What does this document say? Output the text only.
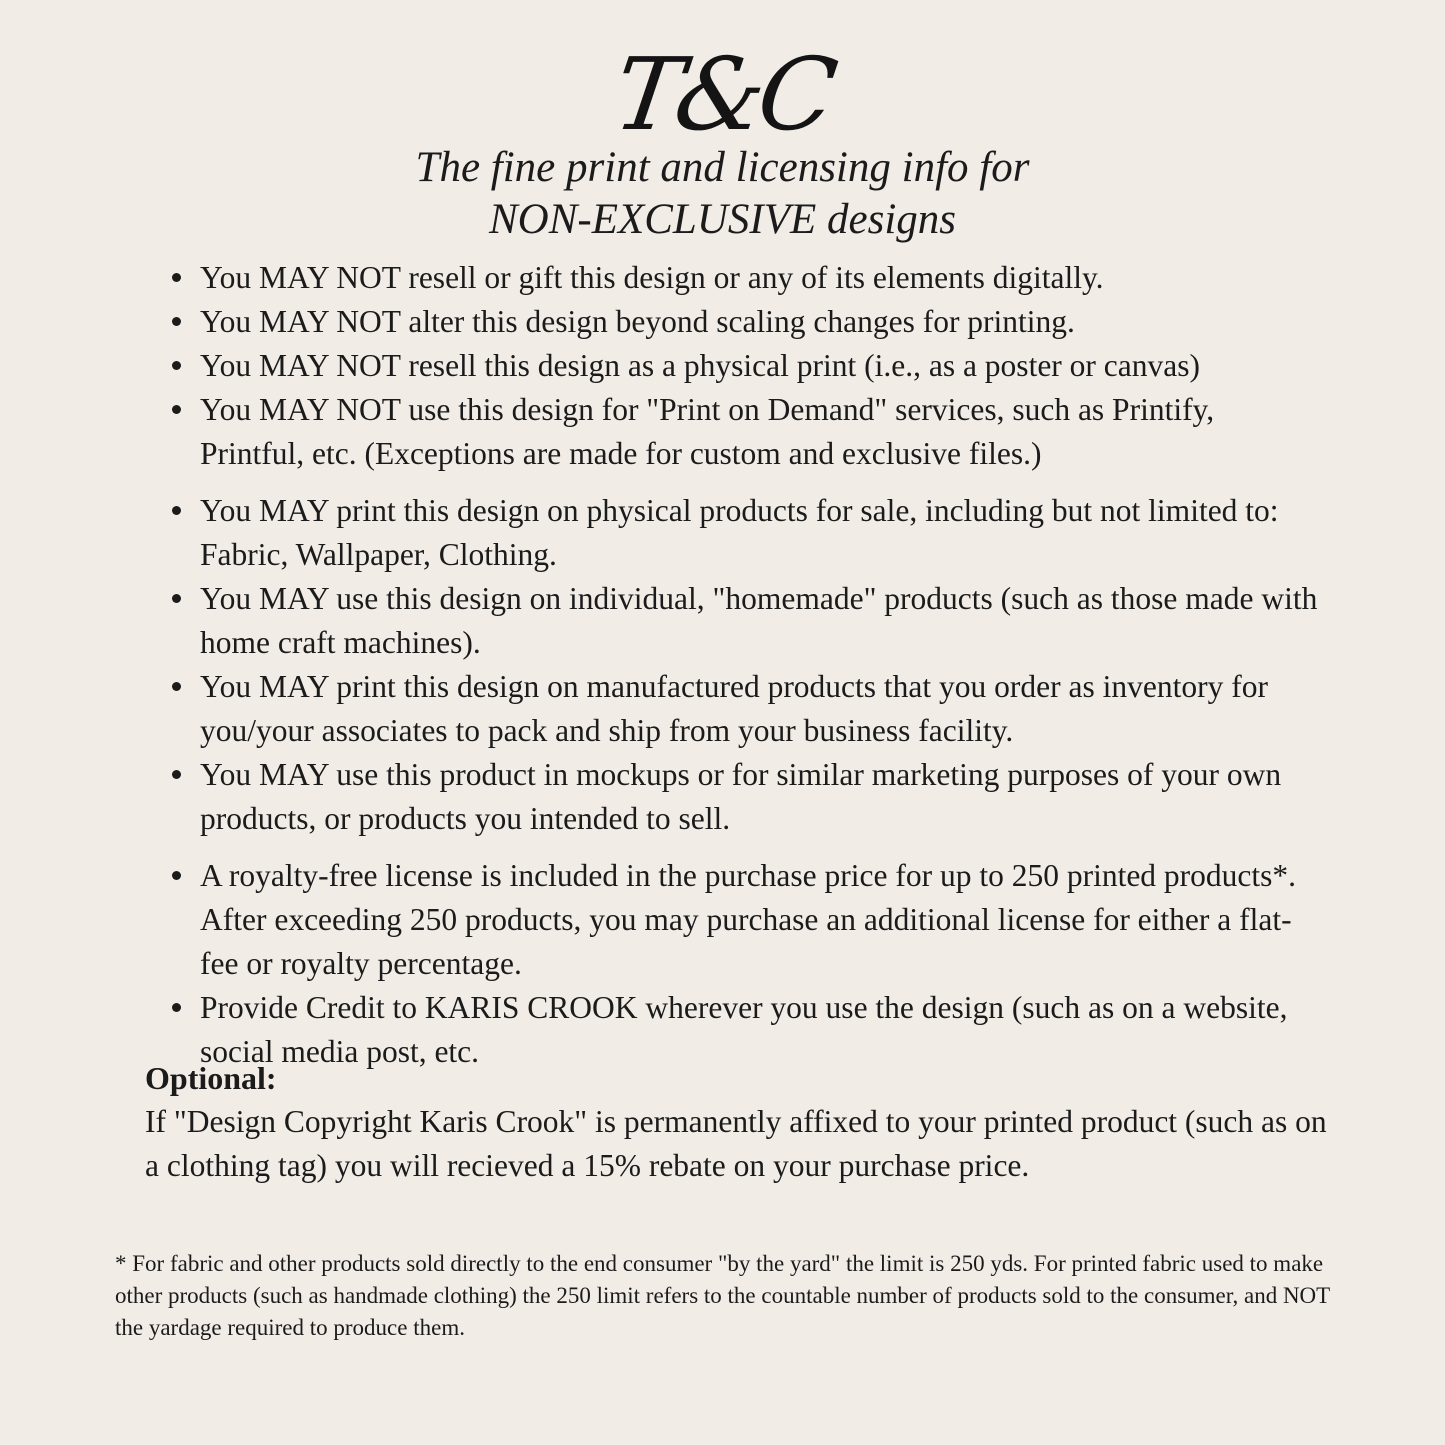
T&C
The fine print and licensing info for
NON-EXCLUSIVE designs
You MAY NOT resell or gift this design or any of its elements digitally.
You MAY NOT alter this design beyond scaling changes for printing.
You MAY NOT resell this design as a physical print (i.e., as a poster or canvas)
You MAY NOT use this design for "Print on Demand" services, such as Printify, Printful, etc. (Exceptions are made for custom and exclusive files.)
You MAY print this design on physical products for sale, including but not limited to: Fabric, Wallpaper, Clothing.
You MAY use this design on individual, "homemade" products (such as those made with home craft machines).
You MAY print this design on manufactured products that you order as inventory for you/your associates to pack and ship from your business facility.
You MAY use this product in mockups or for similar marketing purposes of your own products, or products you intended to sell.
A royalty-free license is included in the purchase price for up to 250 printed products*. After exceeding 250 products, you may purchase an additional license for either a flat-fee or royalty percentage.
Provide Credit to KARIS CROOK wherever you use the design (such as on a website, social media post, etc.
Optional:
If "Design Copyright Karis Crook" is permanently affixed to your printed product (such as on a clothing tag) you will recieved a 15% rebate on your purchase price.
* For fabric and other products sold directly to the end consumer "by the yard" the limit is 250 yds. For printed fabric used to make other products (such as handmade clothing) the 250 limit refers to the countable number of products sold to the consumer, and NOT the yardage required to produce them.
